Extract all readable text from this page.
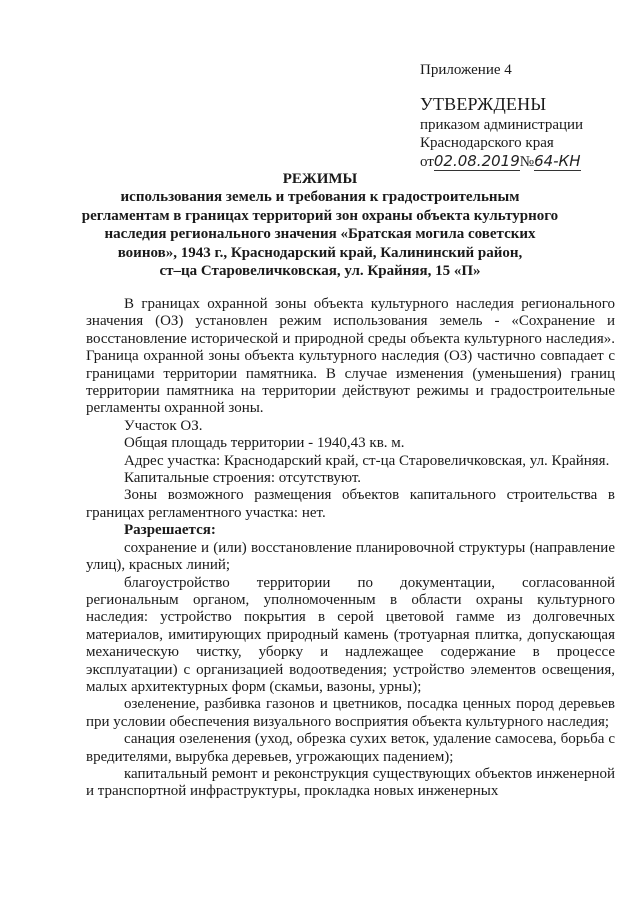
Приложение 4
УТВЕРЖДЕНЫ
приказом администрации
Краснодарского края
от02.08.2019№64-КН
РЕЖИМЫ
использования земель и требования к градостроительным
регламентам в границах территорий зон охраны объекта культурного
наследия регионального значения «Братская могила советских
воинов», 1943 г., Краснодарский край, Калининский район,
ст–ца Старовеличковская, ул. Крайняя, 15 «П»

В границах охранной зоны объекта культурного наследия регионального значения (ОЗ) установлен режим использования земель - «Сохранение и восстановление исторической и природной среды объекта культурного наследия». Граница охранной зоны объекта культурного наследия (ОЗ) частично совпадает с границами территории памятника. В случае изменения (уменьшения) границ территории памятника на территории действуют режимы и градостроительные регламенты охранной зоны.

Участок ОЗ.

Общая площадь территории - 1940,43 кв. м.

Адрес участка: Краснодарский край, ст-ца Старовеличковская, ул. Крайняя.

Капитальные строения: отсутствуют.

Зоны возможного размещения объектов капитального строительства в границах регламентного участка: нет.

Разрешается:

сохранение и (или) восстановление планировочной структуры (направление улиц), красных линий;

благоустройство территории по документации, согласованной региональным органом, уполномоченным в области охраны культурного наследия: устройство покрытия в серой цветовой гамме из долговечных материалов, имитирующих природный камень (тротуарная плитка, допускающая механическую чистку, уборку и надлежащее содержание в процессе эксплуатации) с организацией водоотведения; устройство элементов освещения, малых архитектурных форм (скамьи, вазоны, урны);

озеленение, разбивка газонов и цветников, посадка ценных пород деревьев при условии обеспечения визуального восприятия объекта культурного наследия;

санация озеленения (уход, обрезка сухих веток, удаление самосева, борьба с вредителями, вырубка деревьев, угрожающих падением);

капитальный ремонт и реконструкция существующих объектов инженерной и транспортной инфраструктуры, прокладка новых инженерных
